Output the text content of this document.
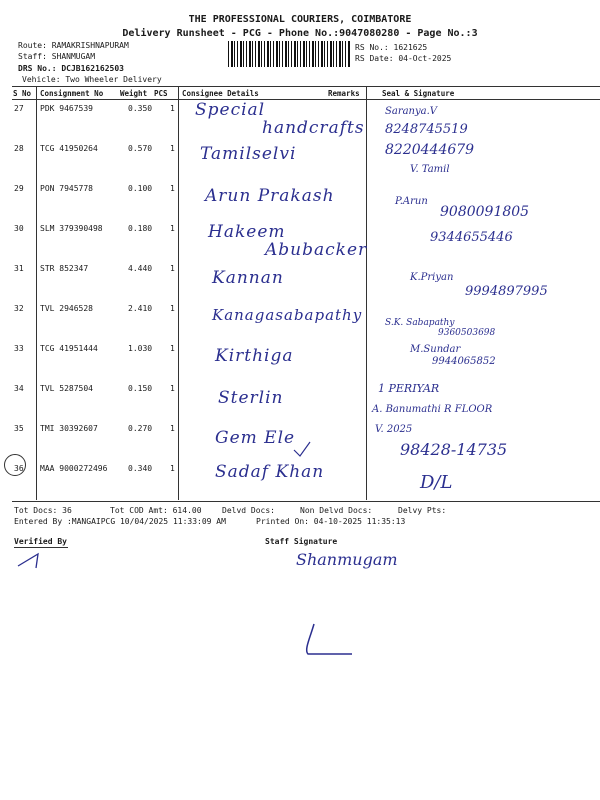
THE PROFESSIONAL COURIERS, COIMBATORE
Delivery Runsheet - PCG - Phone No.:9047080280 - Page No.:3
Route: RAMAKRISHNAPURAM
Staff: SHANMUGAM
DRS No.: DCJB162162503
Vehicle: Two Wheeler Delivery
RS No.: 1621625
RS Date: 04-Oct-2025
S No Consignment No Weight PCS Consignee Details	Remarks	Seal & Signature
27 PDK 9467539	0.350 1 Special
handcrafts
Saranya.V
8248745519
28 TCG 41950264	0.570 1 Tamilselvi	8220444679
V. Tamil
29 PON 7945778	0.100 1 Arun Prakash	P.Arun
9080091805
30 SLM 379390498	0.180 1 Hakeem
Abubacker
9344655446
31 STR 852347	4.440 1 Kannan	K.Priyan
9994897995
32 TVL 2946528	2.410 1 Kanagasabapathy	S.K. Sabapathy
9360503698
33 TCG 41951444	1.030 1 Kirthiga	M.Sundar
9944065852
34 TVL 5287504	0.150 1	Sterlin	1 PERIYAR
A. Banumathi R FLOOR
35 TMI 30392607	0.270 1 Gem Ele	V. 2025
98428-14735
36 MAA 9000272496	0.340 1 Sadaf Khan	D/L
Tot Docs: 36	Tot COD Amt: 614.00	Delvd Docs:	Non Delvd Docs:	Delvy Pts:
Entered By :MANGAIPCG 10/04/2025 11:33:09 AM	Printed On: 04-10-2025 11:35:13
Verified By	Staff Signature
Shanmugam
